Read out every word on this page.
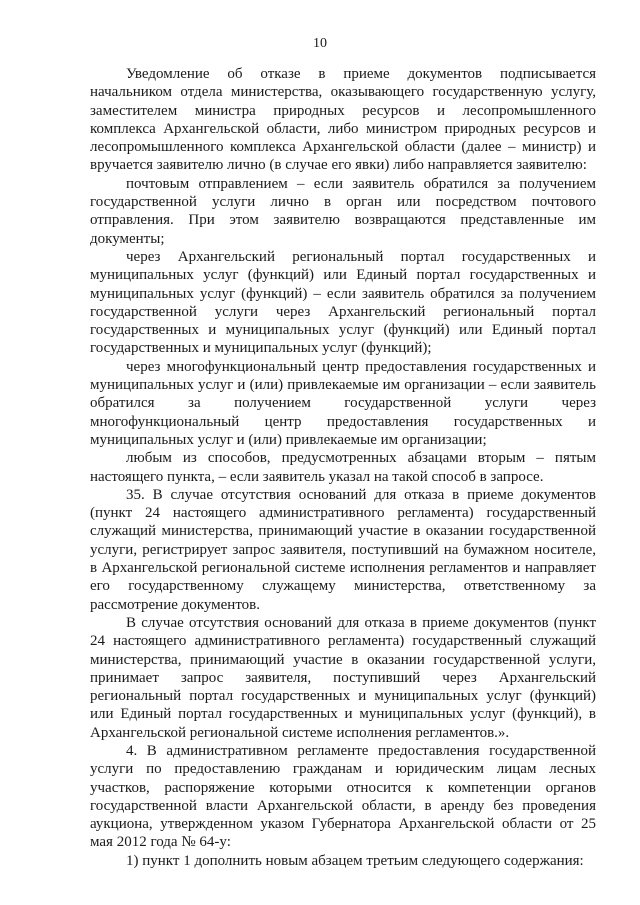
10

Уведомление об отказе в приеме документов подписывается начальником отдела министерства, оказывающего государственную услугу, заместителем министра природных ресурсов и лесопромышленного комплекса Архангельской области, либо министром природных ресурсов и лесопромышленного комплекса Архангельской области (далее – министр) и вручается заявителю лично (в случае его явки) либо направляется заявителю:

почтовым отправлением – если заявитель обратился за получением государственной услуги лично в орган или посредством почтового отправления. При этом заявителю возвращаются представленные им документы;

через Архангельский региональный портал государственных и муниципальных услуг (функций) или Единый портал государственных и муниципальных услуг (функций) – если заявитель обратился за получением государственной услуги через Архангельский региональный портал государственных и муниципальных услуг (функций) или Единый портал государственных и муниципальных услуг (функций);

через многофункциональный центр предоставления государственных и муниципальных услуг и (или) привлекаемые им организации – если заявитель обратился за получением государственной услуги через многофункциональный центр предоставления государственных и муниципальных услуг и (или) привлекаемые им организации;

любым из способов, предусмотренных абзацами вторым – пятым настоящего пункта, – если заявитель указал на такой способ в запросе.

35. В случае отсутствия оснований для отказа в приеме документов (пункт 24 настоящего административного регламента) государственный служащий министерства, принимающий участие в оказании государственной услуги, регистрирует запрос заявителя, поступивший на бумажном носителе, в Архангельской региональной системе исполнения регламентов и направляет его государственному служащему министерства, ответственному за рассмотрение документов.

В случае отсутствия оснований для отказа в приеме документов (пункт 24 настоящего административного регламента) государственный служащий министерства, принимающий участие в оказании государственной услуги, принимает запрос заявителя, поступивший через Архангельский региональный портал государственных и муниципальных услуг (функций) или Единый портал государственных и муниципальных услуг (функций), в Архангельской региональной системе исполнения регламентов.».

4. В административном регламенте предоставления государственной услуги по предоставлению гражданам и юридическим лицам лесных участков, распоряжение которыми относится к компетенции органов государственной власти Архангельской области, в аренду без проведения аукциона, утвержденном указом Губернатора Архангельской области от 25 мая 2012 года № 64-у:

1) пункт 1 дополнить новым абзацем третьим следующего содержания:
